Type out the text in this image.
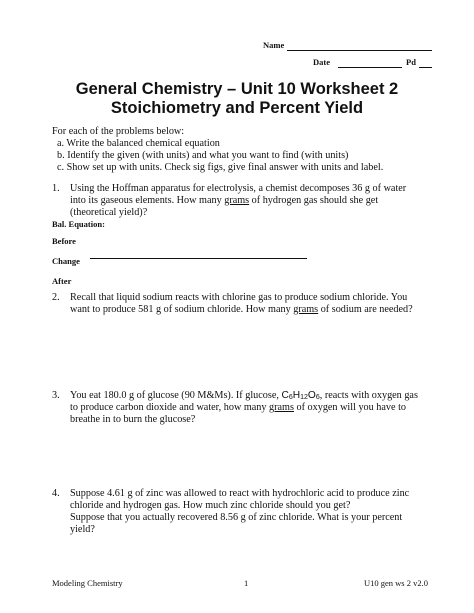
Name
Date	Pd
General Chemistry – Unit 10 Worksheet 2
Stoichiometry and Percent Yield
For each of the problems below:
a. Write the balanced chemical equation
b. Identify the given (with units) and what you want to find (with units)
c. Show set up with units. Check sig figs, give final answer with units and label.
1. Using the Hoffman apparatus for electrolysis, a chemist decomposes 36 g of water
into its gaseous elements. How many grams of hydrogen gas should she get
(theoretical yield)?
Bal. Equation:
Before
Change
After
2. Recall that liquid sodium reacts with chlorine gas to produce sodium chloride. You
want to produce 581 g of sodium chloride. How many grams of sodium are needed?
3. You eat 180.0 g of glucose (90 M&Ms). If glucose, $C_6H_{12}O_6$, reacts with oxygen gas
to produce carbon dioxide and water, how many grams of oxygen will you have to
breathe in to burn the glucose?
4. Suppose 4.61 g of zinc was allowed to react with hydrochloric acid to produce zinc
chloride and hydrogen gas. How much zinc chloride should you get?
Suppose that you actually recovered 8.56 g of zinc chloride. What is your percent
yield?
Modeling Chemistry	1	U10 gen ws 2 v2.0
